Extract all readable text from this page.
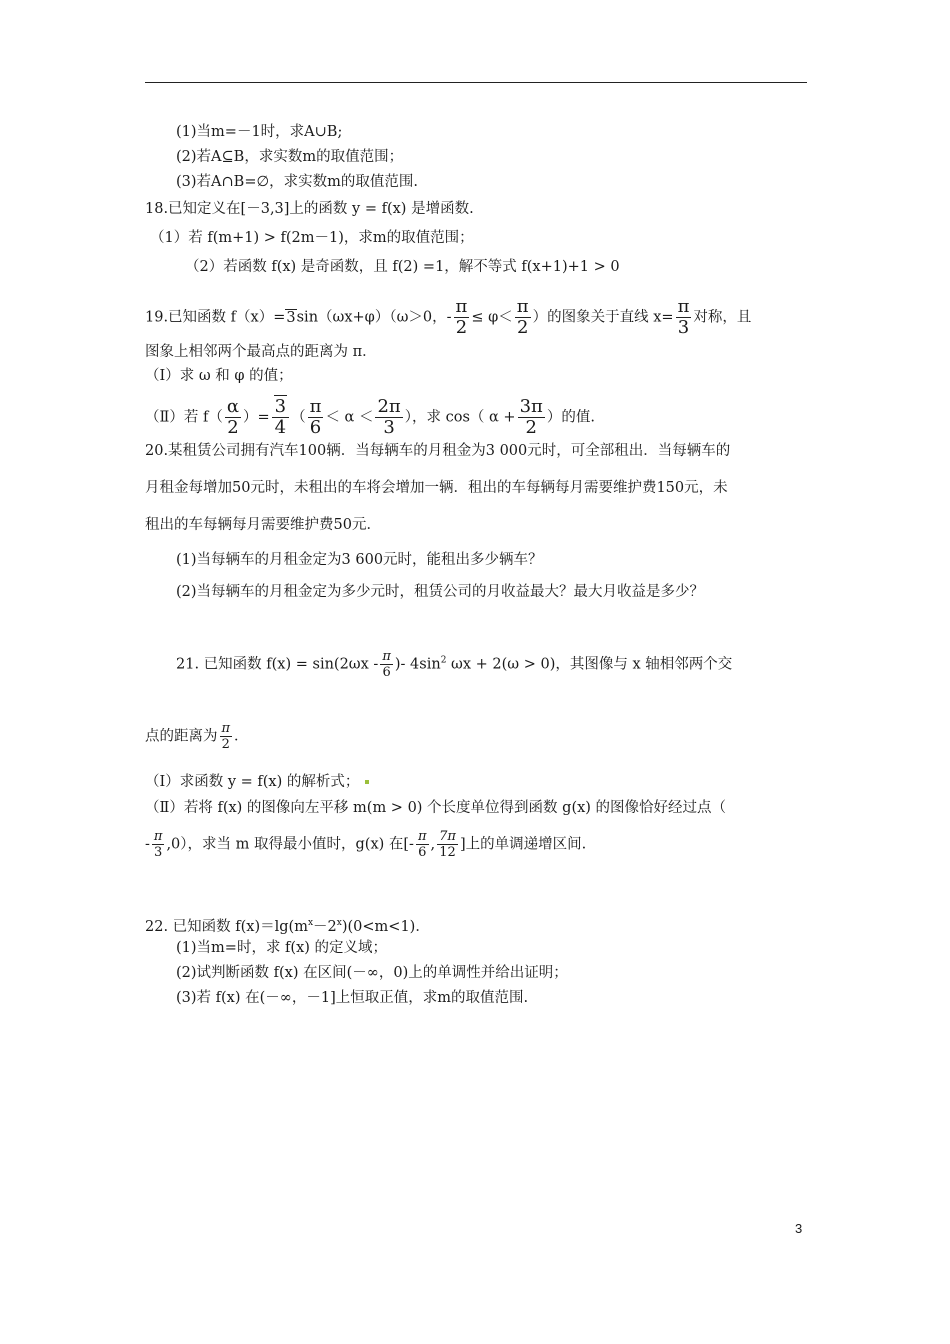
(1)当m=－1时，求A∪B;
(2)若A⊆B，求实数m的取值范围；
(3)若A∩B=∅，求实数m的取值范围.
18.已知定义在[－3,3]上的函数 y = f(x) 是增函数.
（1）若 f(m+1) > f(2m－1)，求m的取值范围；
（2）若函数 f(x) 是奇函数，且 f(2) =1，解不等式 f(x+1)+1 > 0
19.已知函数 f（x）=3sin（ωx+φ）（ω＞0，- $\frac{\pi}{2} \le \varphi< \frac{\pi}{2}$ ）的图象关于直线 $x= \frac{\pi}{3}$ 对称，且
图象上相邻两个最高点的距离为 π．
（Ⅰ）求 ω 和 φ 的值；
（Ⅱ）若 $f( \frac{\alpha}{2}$ ）= $\frac{3}{4}$ （ $\frac{\pi}{6} < \alpha < \frac{2\pi}{3}$ ），求 cos（ $\alpha + \frac{3\pi}{2}$ ）的值.
20.某租赁公司拥有汽车100辆．当每辆车的月租金为3 000元时，可全部租出．当每辆车的
月租金每增加50元时，未租出的车将会增加一辆．租出的车每辆每月需要维护费150元，未
租出的车每辆每月需要维护费50元．
(1)当每辆车的月租金定为3 600元时，能租出多少辆车？
(2)当每辆车的月租金定为多少元时，租赁公司的月收益最大？最大月收益是多少？
21. 已知函数 $f(x) = \sin(2\omega x - \frac{\pi}{6}$ )- $4\sin^2$ ωx + 2(ω > 0)，其图像与 x 轴相邻两个交
点的距离为 $\frac{\pi}{2}$ ．
（Ⅰ）求函数 y = f(x) 的解析式；
（Ⅱ）若将 f(x) 的图像向左平移 m(m > 0) 个长度单位得到函数 g(x) 的图像恰好经过点（
- $\frac{\pi}{3} ,0$），求当 m 取得最小值时，g(x) 在[- $\frac{\pi}{6}$ , $\frac{7\pi}{12}$ ]上的单调递增区间.
22. 已知函数 $f(x)=\lg(m^x-2^x)(0<m<1)$．
(1)当m=时，求 f(x) 的定义域；
(2)试判断函数 f(x) 在区间(－∞，0)上的单调性并给出证明；
(3)若 f(x) 在(－∞，－1]上恒取正值，求m的取值范围.
3
